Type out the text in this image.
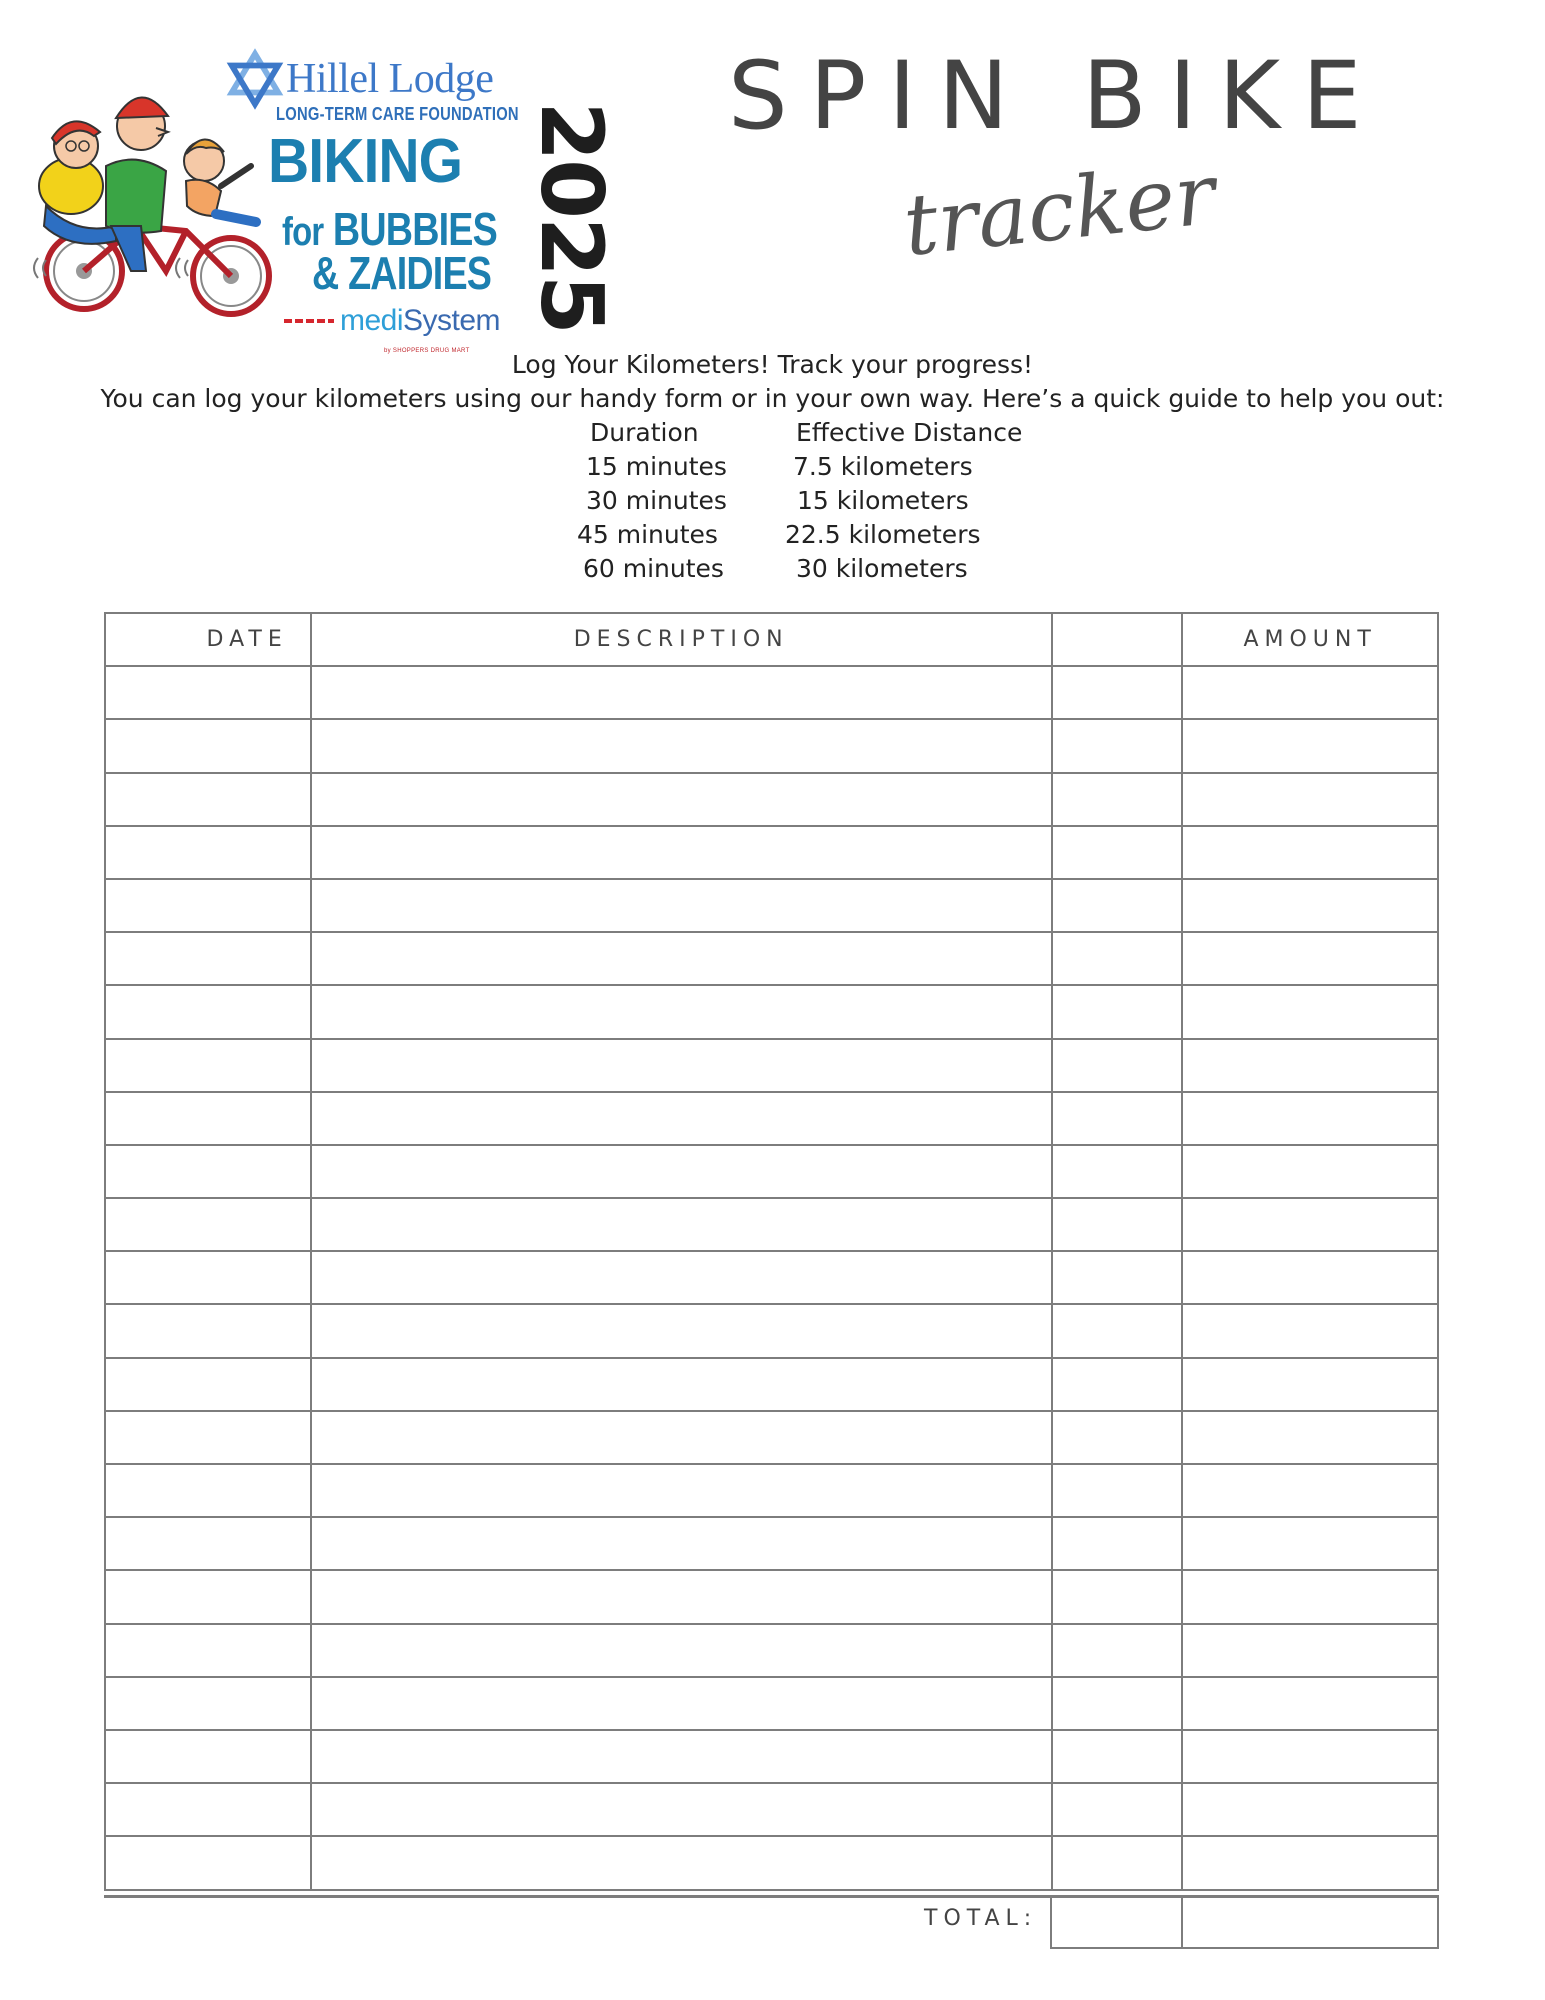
Hillel Lodge
LONG-TERM CARE FOUNDATION
BIKING
for BUBBIES
& ZAIDIES
mediSystem
by SHOPPERS DRUG MART
2025
SPIN BIKE
tracker
Log Your Kilometers! Track your progress!
You can log your kilometers using our handy form or in your own way. Here’s a quick guide to help you out:
Duration	Effective Distance
15 minutes	7.5 kilometers
30 minutes	15 kilometers
45 minutes	22.5 kilometers
60 minutes	30 kilometers
DATE	DESCRIPTION		AMOUNT

TOTAL:
